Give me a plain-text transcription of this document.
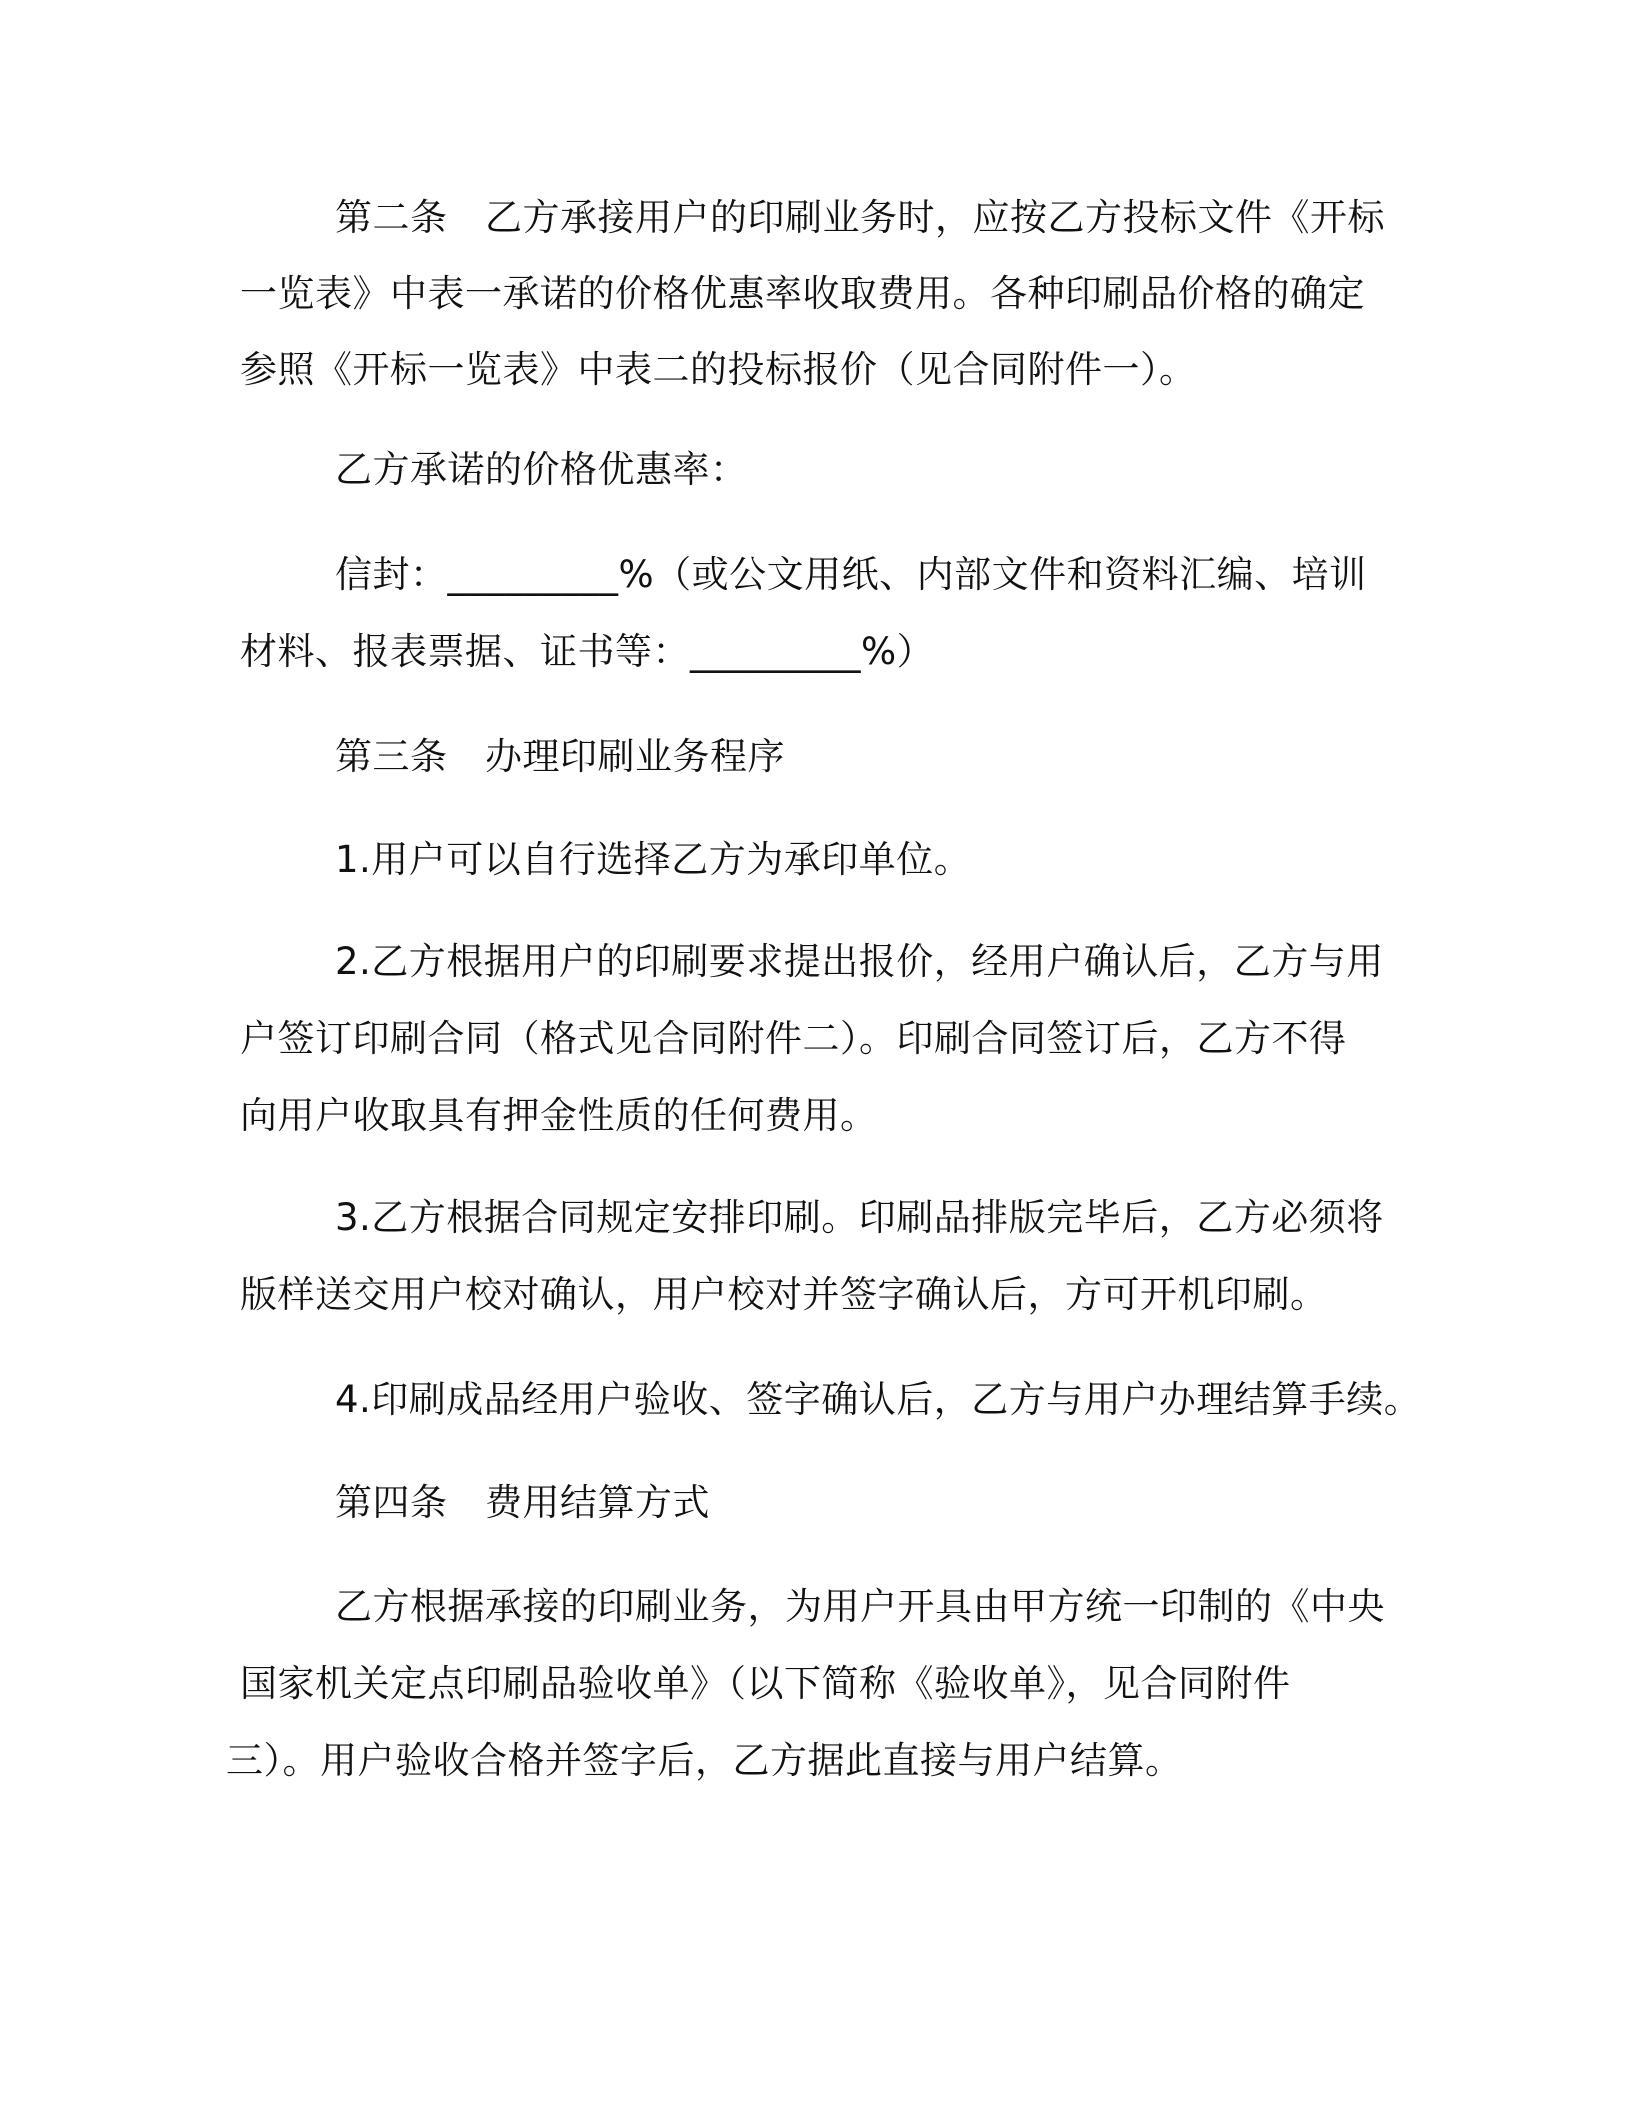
第二条　乙方承接用户的印刷业务时，应按乙方投标文件《开标

一览表》中表一承诺的价格优惠率收取费用。各种印刷品价格的确定

参照《开标一览表》中表二的投标报价（见合同附件一）。

乙方承诺的价格优惠率：

信封：_________%（或公文用纸、内部文件和资料汇编、培训

材料、报表票据、证书等：_________%）

第三条　办理印刷业务程序

1.用户可以自行选择乙方为承印单位。

2.乙方根据用户的印刷要求提出报价，经用户确认后，乙方与用

户签订印刷合同（格式见合同附件二）。印刷合同签订后，乙方不得

向用户收取具有押金性质的任何费用。

3.乙方根据合同规定安排印刷。印刷品排版完毕后，乙方必须将

版样送交用户校对确认，用户校对并签字确认后，方可开机印刷。

4.印刷成品经用户验收、签字确认后，乙方与用户办理结算手续。

第四条　费用结算方式

乙方根据承接的印刷业务，为用户开具由甲方统一印制的《中央

国家机关定点印刷品验收单》（以下简称《验收单》，见合同附件

三）。用户验收合格并签字后，乙方据此直接与用户结算。
